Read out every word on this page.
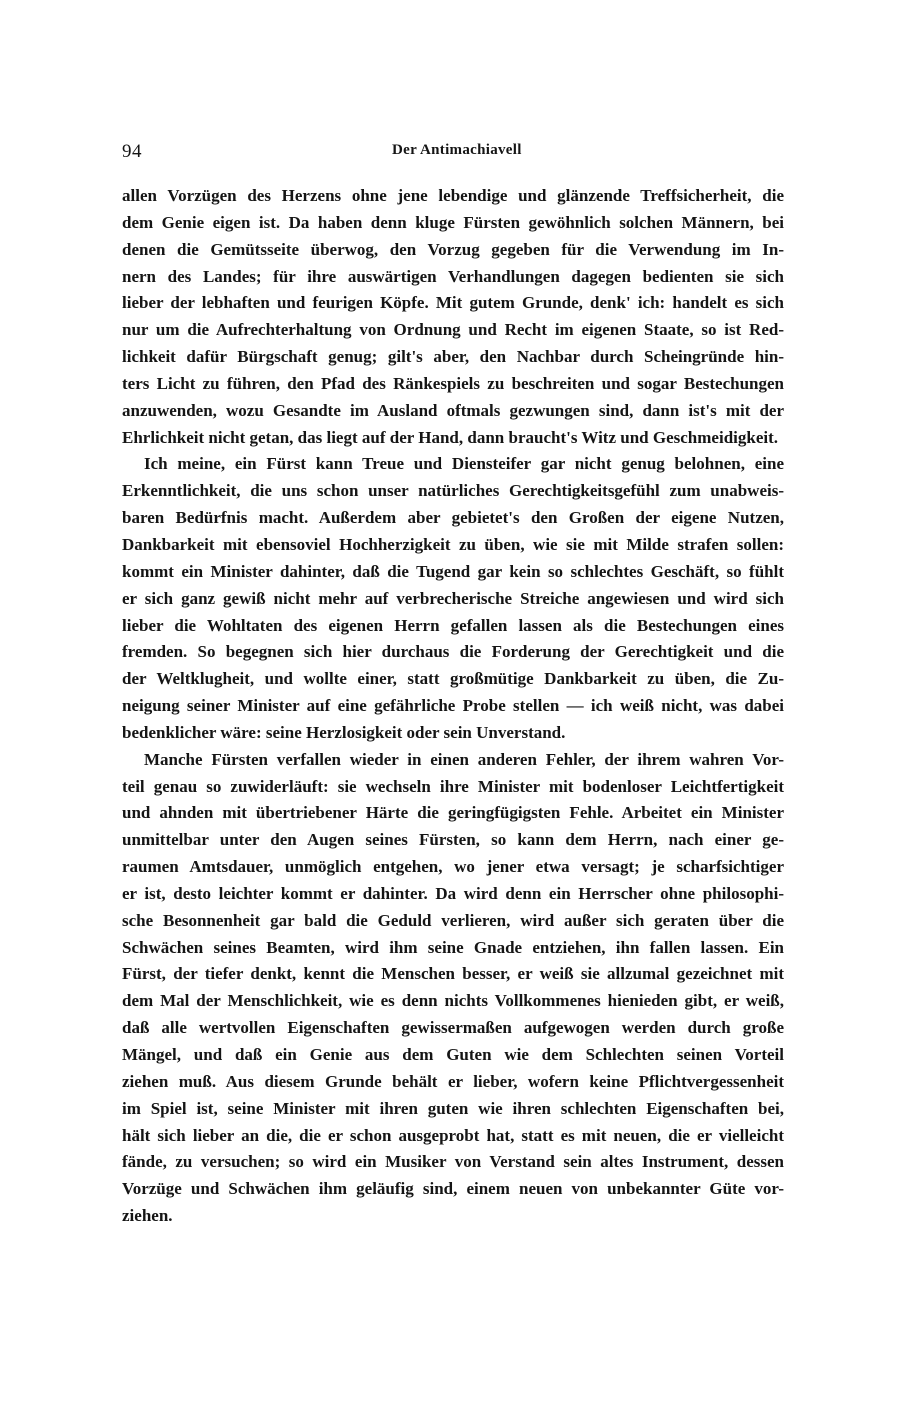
94	Der Antimachiavell
allen Vorzügen des Herzens ohne jene lebendige und glänzende Treffsicherheit, die
dem Genie eigen ist. Da haben denn kluge Fürsten gewöhnlich solchen Männern, bei
denen die Gemütsseite überwog, den Vorzug gegeben für die Verwendung im In-
nern des Landes; für ihre auswärtigen Verhandlungen dagegen bedienten sie sich
lieber der lebhaften und feurigen Köpfe. Mit gutem Grunde, denk' ich: handelt es sich
nur um die Aufrechterhaltung von Ordnung und Recht im eigenen Staate, so ist Red-
lichkeit dafür Bürgschaft genug; gilt's aber, den Nachbar durch Scheingründe hin-
ters Licht zu führen, den Pfad des Ränkespiels zu beschreiten und sogar Bestechungen
anzuwenden, wozu Gesandte im Ausland oftmals gezwungen sind, dann ist's mit der
Ehrlichkeit nicht getan, das liegt auf der Hand, dann braucht's Witz und Geschmeidigkeit.
Ich meine, ein Fürst kann Treue und Diensteifer gar nicht genug belohnen, eine
Erkenntlichkeit, die uns schon unser natürliches Gerechtigkeitsgefühl zum unabweis-
baren Bedürfnis macht. Außerdem aber gebietet's den Großen der eigene Nutzen,
Dankbarkeit mit ebensoviel Hochherzigkeit zu üben, wie sie mit Milde strafen sollen:
kommt ein Minister dahinter, daß die Tugend gar kein so schlechtes Geschäft, so fühlt
er sich ganz gewiß nicht mehr auf verbrecherische Streiche angewiesen und wird sich
lieber die Wohltaten des eigenen Herrn gefallen lassen als die Bestechungen eines
fremden. So begegnen sich hier durchaus die Forderung der Gerechtigkeit und die
der Weltklugheit, und wollte einer, statt großmütige Dankbarkeit zu üben, die Zu-
neigung seiner Minister auf eine gefährliche Probe stellen — ich weiß nicht, was dabei
bedenklicher wäre: seine Herzlosigkeit oder sein Unverstand.
Manche Fürsten verfallen wieder in einen anderen Fehler, der ihrem wahren Vor-
teil genau so zuwiderläuft: sie wechseln ihre Minister mit bodenloser Leichtfertigkeit
und ahnden mit übertriebener Härte die geringfügigsten Fehle. Arbeitet ein Minister
unmittelbar unter den Augen seines Fürsten, so kann dem Herrn, nach einer ge-
raumen Amtsdauer, unmöglich entgehen, wo jener etwa versagt; je scharfsichtiger
er ist, desto leichter kommt er dahinter. Da wird denn ein Herrscher ohne philosophi-
sche Besonnenheit gar bald die Geduld verlieren, wird außer sich geraten über die
Schwächen seines Beamten, wird ihm seine Gnade entziehen, ihn fallen lassen. Ein
Fürst, der tiefer denkt, kennt die Menschen besser, er weiß sie allzumal gezeichnet mit
dem Mal der Menschlichkeit, wie es denn nichts Vollkommenes hienieden gibt, er weiß,
daß alle wertvollen Eigenschaften gewissermaßen aufgewogen werden durch große
Mängel, und daß ein Genie aus dem Guten wie dem Schlechten seinen Vorteil
ziehen muß. Aus diesem Grunde behält er lieber, wofern keine Pflichtvergessenheit
im Spiel ist, seine Minister mit ihren guten wie ihren schlechten Eigenschaften bei,
hält sich lieber an die, die er schon ausgeprobt hat, statt es mit neuen, die er vielleicht
fände, zu versuchen; so wird ein Musiker von Verstand sein altes Instrument, dessen
Vorzüge und Schwächen ihm geläufig sind, einem neuen von unbekannter Güte vor-
ziehen.
